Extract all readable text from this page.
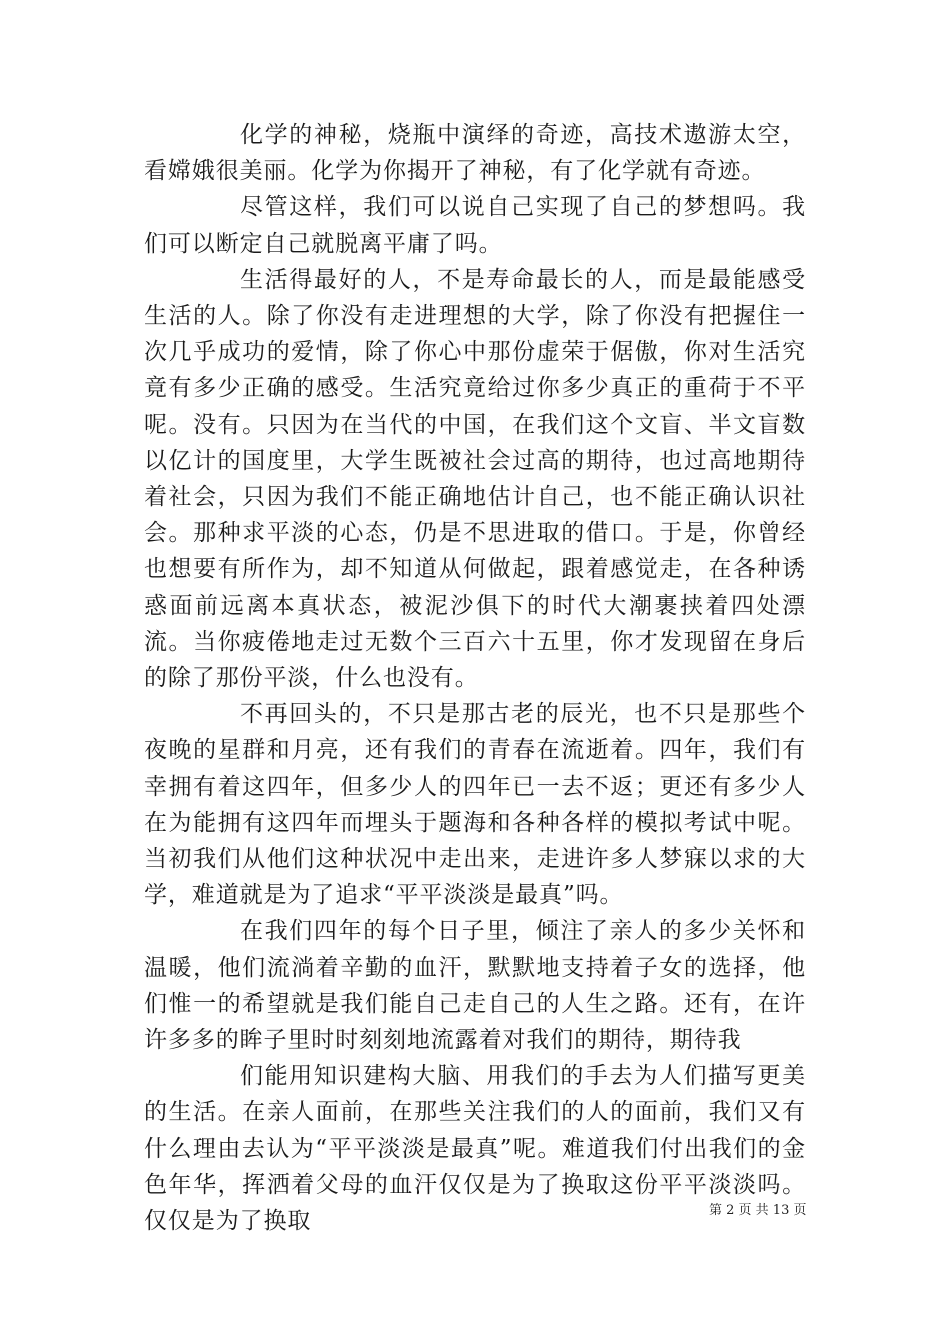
化学的神秘，烧瓶中演绎的奇迹，高技术遨游太空，看嫦娥很美丽。化学为你揭开了神秘，有了化学就有奇迹。

尽管这样，我们可以说自己实现了自己的梦想吗。我们可以断定自己就脱离平庸了吗。

生活得最好的人，不是寿命最长的人，而是最能感受生活的人。除了你没有走进理想的大学，除了你没有把握住一次几乎成功的爱情，除了你心中那份虚荣于倨傲，你对生活究竟有多少正确的感受。生活究竟给过你多少真正的重荷于不平呢。没有。只因为在当代的中国，在我们这个文盲、半文盲数以亿计的国度里，大学生既被社会过高的期待，也过高地期待着社会，只因为我们不能正确地估计自己，也不能正确认识社会。那种求平淡的心态，仍是不思进取的借口。于是，你曾经也想要有所作为，却不知道从何做起，跟着感觉走，在各种诱惑面前远离本真状态，被泥沙俱下的时代大潮裹挟着四处漂流。当你疲倦地走过无数个三百六十五里，你才发现留在身后的除了那份平淡，什么也没有。

不再回头的，不只是那古老的辰光，也不只是那些个夜晚的星群和月亮，还有我们的青春在流逝着。四年，我们有幸拥有着这四年，但多少人的四年已一去不返；更还有多少人在为能拥有这四年而埋头于题海和各种各样的模拟考试中呢。当初我们从他们这种状况中走出来，走进许多人梦寐以求的大学，难道就是为了追求“平平淡淡是最真”吗。

在我们四年的每个日子里，倾注了亲人的多少关怀和温暖，他们流淌着辛勤的血汗，默默地支持着子女的选择，他们惟一的希望就是我们能自己走自己的人生之路。还有，在许许多多的眸子里时时刻刻地流露着对我们的期待，期待我

们能用知识建构大脑、用我们的手去为人们描写更美的生活。在亲人面前，在那些关注我们的人的面前，我们又有什么理由去认为“平平淡淡是最真”呢。难道我们付出我们的金色年华，挥洒着父母的血汗仅仅是为了换取这份平平淡淡吗。仅仅是为了换取	第 2 页 共 13 页
